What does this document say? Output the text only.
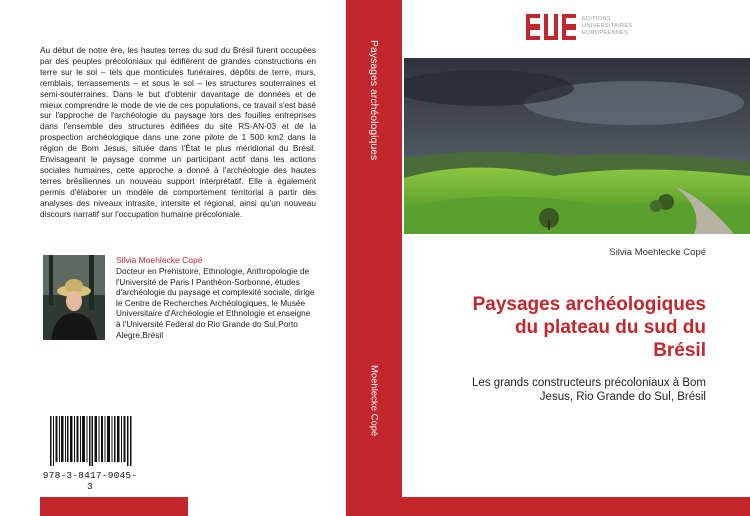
Au début de notre ère, les hautes terres du sud du Brésil furent occupées par des peuples précoloniaux qui édifièrent de grandes constructions en terre sur le sol – tels que monticules funéraires, dépôts de terre, murs, remblais, terrassements – et sous le sol – les structures souterraines et semi-souterraines. Dans le but d'obtenir davantage de données et de mieux comprendre le mode de vie de ces populations, ce travail s'est basé sur l'approche de l'archéologie du paysage lors des fouilles entreprises dans l'ensemble des structures édifiées du site RS-AN-03 et de la prospection archéologique dans une zone pilote de 1 500 km2 dans la région de Bom Jesus, située dans l'État le plus méridional du Brésil. Envisageant le paysage comme un participant actif dans les actions sociales humaines, cette approche a donné à l'archéologie des hautes terres brésiliennes un nouveau support interprétatif. Elle a également permis d'élaborer un modèle de comportement territorial à partir des analyses des niveaux intrasite, intersite et régional, ainsi qu'un nouveau discours narratif sur l'occupation humaine précoloniale.
Silvia Moehlecke Copé
Docteur en Prehistoire, Ethnologie, Anthropologie de l'Université de Paris I Panthéon-Sorbonne, études d'archéologie du paysage et complexité sociale, dirige le Centre de Recherches Archéologiques, le Musée Universitaire d'Archéologie et Ethnologie et enseigne à l'Université Federal do Rio Grande do Sul,Porto Alegre,Brésil
978-3-8417-9045-3
Paysages archéologiques
Moehlecke Copé
ÉDITIONS
UNIVERSITAIRES
EUROPÉENNES
Silvia Moehlecke Copé
Paysages archéologiques
du plateau du sud du
Brésil
Les grands constructeurs précoloniaux à Bom
Jesus, Rio Grande do Sul, Brésil
